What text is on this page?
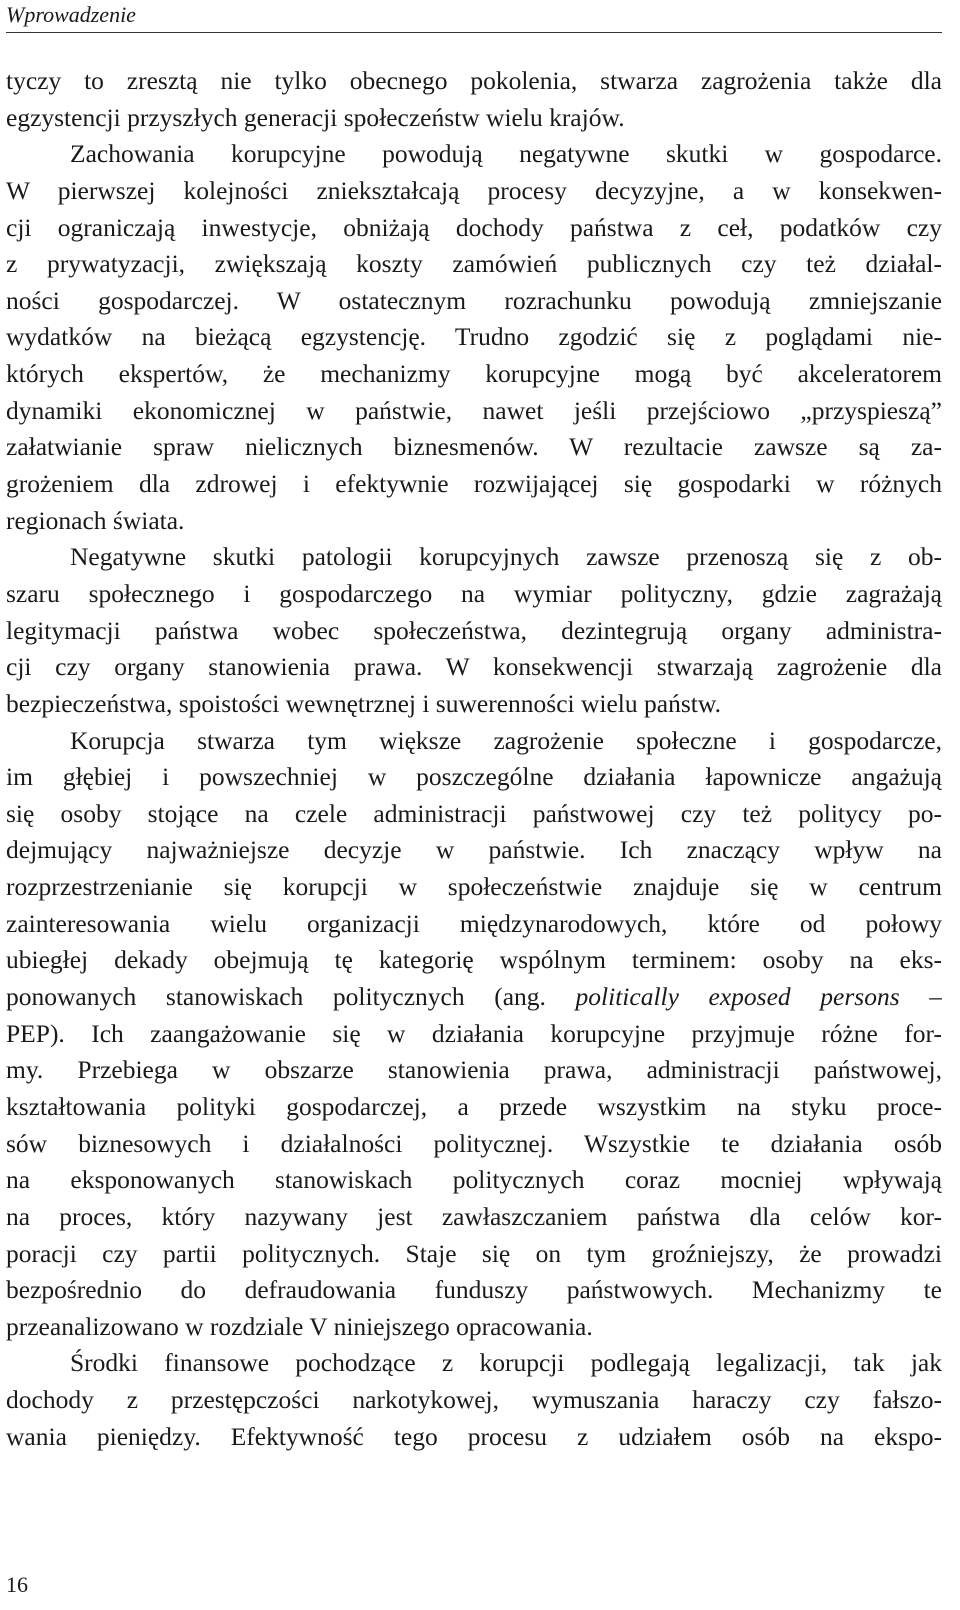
Wprowadzenie
tyczy to zresztą nie tylko obecnego pokolenia, stwarza zagrożenia także dla
egzystencji przyszłych generacji społeczeństw wielu krajów.
Zachowania korupcyjne powodują negatywne skutki w gospodarce.
W pierwszej kolejności zniekształcają procesy decyzyjne, a w konsekwen-
cji ograniczają inwestycje, obniżają dochody państwa z ceł, podatków czy
z prywatyzacji, zwiększają koszty zamówień publicznych czy też działal-
ności gospodarczej. W ostatecznym rozrachunku powodują zmniejszanie
wydatków na bieżącą egzystencję. Trudno zgodzić się z poglądami nie-
których ekspertów, że mechanizmy korupcyjne mogą być akceleratorem
dynamiki ekonomicznej w państwie, nawet jeśli przejściowo „przyspieszą”
załatwianie spraw nielicznych biznesmenów. W rezultacie zawsze są za-
grożeniem dla zdrowej i efektywnie rozwijającej się gospodarki w różnych
regionach świata.
Negatywne skutki patologii korupcyjnych zawsze przenoszą się z ob-
szaru społecznego i gospodarczego na wymiar polityczny, gdzie zagrażają
legitymacji państwa wobec społeczeństwa, dezintegrują organy administra-
cji czy organy stanowienia prawa. W konsekwencji stwarzają zagrożenie dla
bezpieczeństwa, spoistości wewnętrznej i suwerenności wielu państw.
Korupcja stwarza tym większe zagrożenie społeczne i gospodarcze,
im głębiej i powszechniej w poszczególne działania łapownicze angażują
się osoby stojące na czele administracji państwowej czy też politycy po-
dejmujący najważniejsze decyzje w państwie. Ich znaczący wpływ na
rozprzestrzenianie się korupcji w społeczeństwie znajduje się w centrum
zainteresowania wielu organizacji międzynarodowych, które od połowy
ubiegłej dekady obejmują tę kategorię wspólnym terminem: osoby na eks-
ponowanych stanowiskach politycznych (ang. politically exposed persons –
PEP). Ich zaangażowanie się w działania korupcyjne przyjmuje różne for-
my. Przebiega w obszarze stanowienia prawa, administracji państwowej,
kształtowania polityki gospodarczej, a przede wszystkim na styku proce-
sów biznesowych i działalności politycznej. Wszystkie te działania osób
na eksponowanych stanowiskach politycznych coraz mocniej wpływają
na proces, który nazywany jest zawłaszczaniem państwa dla celów kor-
poracji czy partii politycznych. Staje się on tym groźniejszy, że prowadzi
bezpośrednio do defraudowania funduszy państwowych. Mechanizmy te
przeanalizowano w rozdziale V niniejszego opracowania.
Środki finansowe pochodzące z korupcji podlegają legalizacji, tak jak
dochody z przestępczości narkotykowej, wymuszania haraczy czy fałszo-
wania pieniędzy. Efektywność tego procesu z udziałem osób na ekspo-
16
